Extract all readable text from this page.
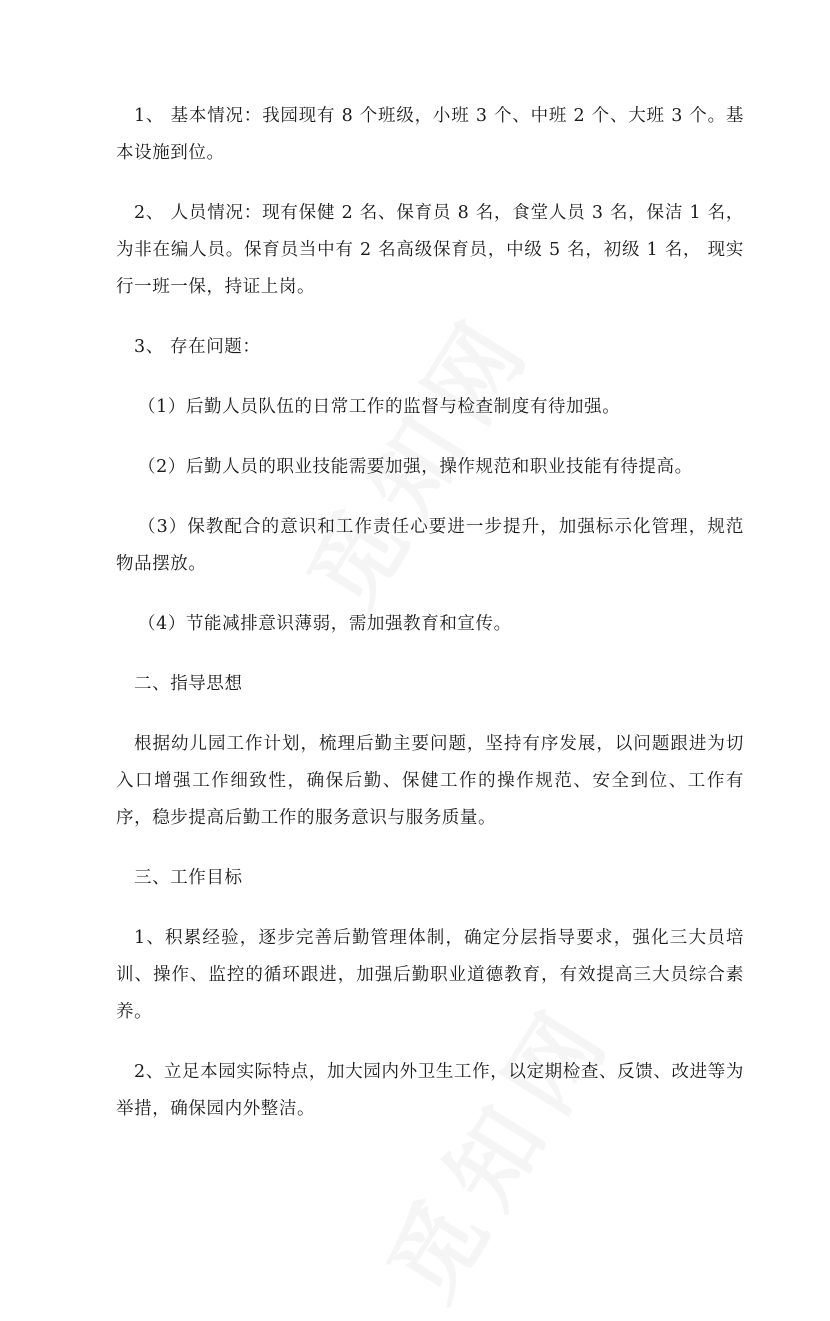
1、 基本情况：我园现有 8 个班级，小班 3 个、中班 2 个、大班 3 个。基本设施到位。

2、 人员情况：现有保健 2 名、保育员 8 名，食堂人员 3 名，保洁 1 名，为非在编人员。保育员当中有 2 名高级保育员，中级 5 名，初级 1 名， 现实行一班一保，持证上岗。

3、 存在问题：

（1）后勤人员队伍的日常工作的监督与检查制度有待加强。

（2）后勤人员的职业技能需要加强，操作规范和职业技能有待提高。

（3）保教配合的意识和工作责任心要进一步提升，加强标示化管理，规范物品摆放。

（4）节能减排意识薄弱，需加强教育和宣传。

二、指导思想

根据幼儿园工作计划，梳理后勤主要问题，坚持有序发展，以问题跟进为切入口增强工作细致性，确保后勤、保健工作的操作规范、安全到位、工作有序，稳步提高后勤工作的服务意识与服务质量。

三、工作目标

1、积累经验，逐步完善后勤管理体制，确定分层指导要求，强化三大员培训、操作、监控的循环跟进，加强后勤职业道德教育，有效提高三大员综合素养。

2、立足本园实际特点，加大园内外卫生工作，以定期检查、反馈、改进等为举措，确保园内外整洁。
